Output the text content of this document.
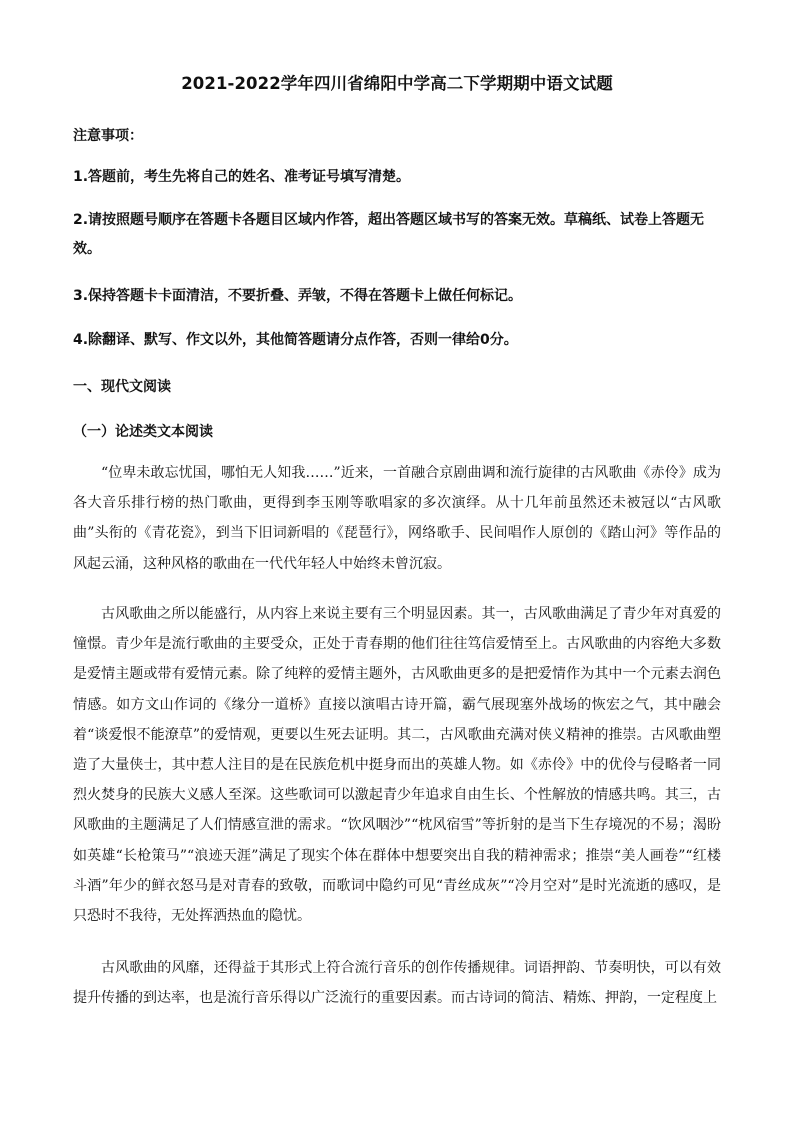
2021-2022学年四川省绵阳中学高二下学期期中语文试题
注意事项：
1.答题前，考生先将自己的姓名、准考证号填写清楚。
2.请按照题号顺序在答题卡各题目区域内作答，超出答题区域书写的答案无效。草稿纸、试卷上答题无效。
3.保持答题卡卡面清洁，不要折叠、弄皱，不得在答题卡上做任何标记。
4.除翻译、默写、作文以外，其他简答题请分点作答，否则一律给0分。
一、现代文阅读
（一）论述类文本阅读
“位卑未敢忘忧国，哪怕无人知我……”近来，一首融合京剧曲调和流行旋律的古风歌曲《赤伶》成为各大音乐排行榜的热门歌曲，更得到李玉刚等歌唱家的多次演绎。从十几年前虽然还未被冠以“古风歌曲”头衔的《青花瓷》，到当下旧词新唱的《琵琶行》，网络歌手、民间唱作人原创的《踏山河》等作品的风起云涌，这种风格的歌曲在一代代年轻人中始终未曾沉寂。
古风歌曲之所以能盛行，从内容上来说主要有三个明显因素。其一，古风歌曲满足了青少年对真爱的憧憬。青少年是流行歌曲的主要受众，正处于青春期的他们往往笃信爱情至上。古风歌曲的内容绝大多数是爱情主题或带有爱情元素。除了纯粹的爱情主题外，古风歌曲更多的是把爱情作为其中一个元素去润色情感。如方文山作词的《缘分一道桥》直接以演唱古诗开篇，霸气展现塞外战场的恢宏之气，其中融会着“谈爱恨不能潦草”的爱情观，更要以生死去证明。其二，古风歌曲充满对侠义精神的推崇。古风歌曲塑造了大量侠士，其中惹人注目的是在民族危机中挺身而出的英雄人物。如《赤伶》中的优伶与侵略者一同烈火焚身的民族大义感人至深。这些歌词可以激起青少年追求自由生长、个性解放的情感共鸣。其三，古风歌曲的主题满足了人们情感宣泄的需求。“饮风咽沙”“枕风宿雪”等折射的是当下生存境况的不易；渴盼如英雄“长枪策马”“浪迹天涯”满足了现实个体在群体中想要突出自我的精神需求；推崇“美人画卷”“红楼斗酒”年少的鲜衣怒马是对青春的致敬，而歌词中隐约可见“青丝成灰”“冷月空对”是时光流逝的感叹，是只恐时不我待，无处挥洒热血的隐忧。
古风歌曲的风靡，还得益于其形式上符合流行音乐的创作传播规律。词语押韵、节奏明快，可以有效提升传播的到达率，也是流行音乐得以广泛流行的重要因素。而古诗词的简洁、精炼、押韵，一定程度上
